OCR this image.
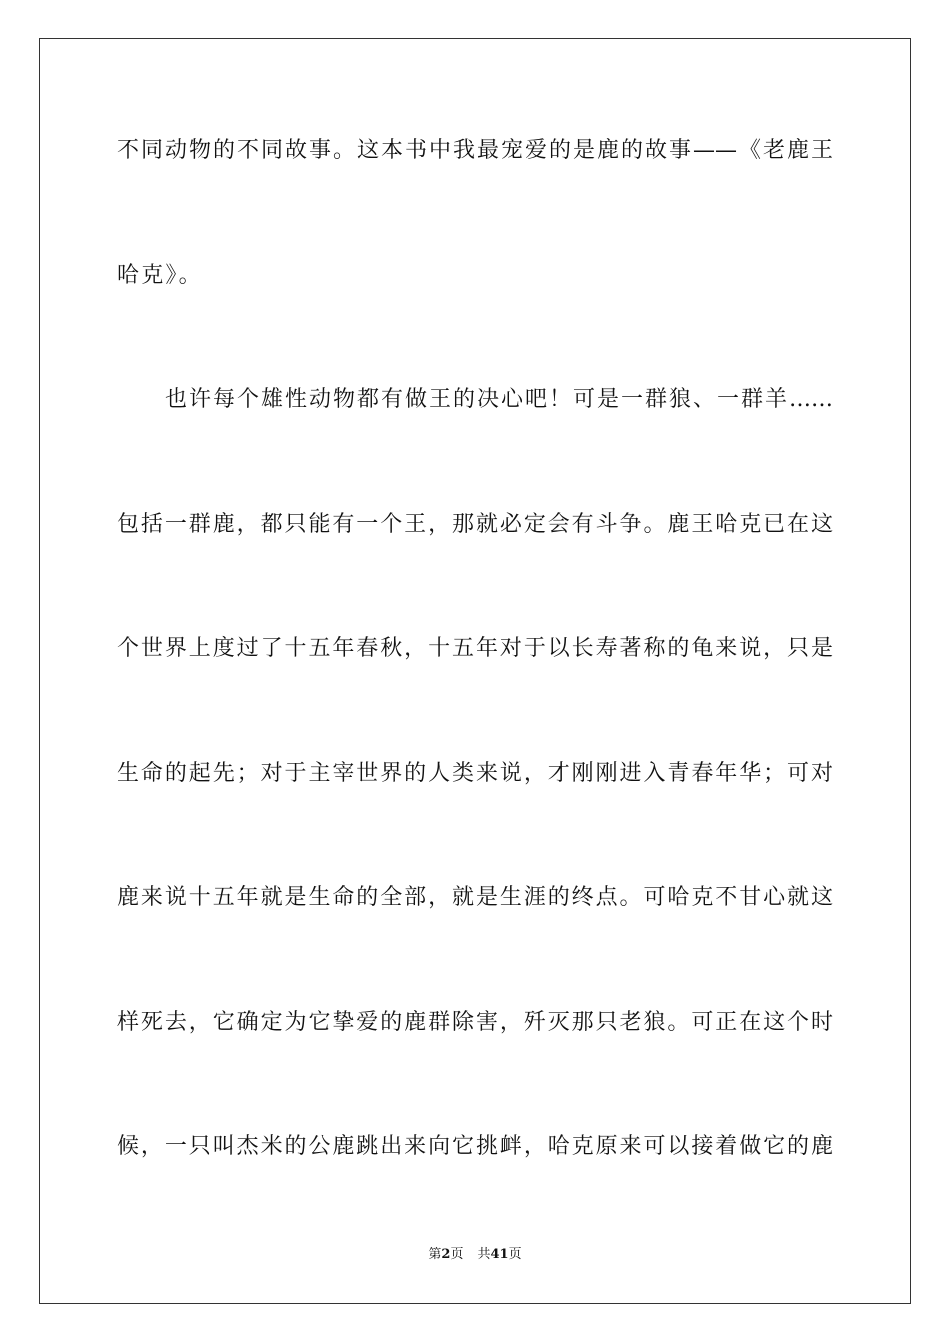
不同动物的不同故事。这本书中我最宠爱的是鹿的故事——《老鹿王
哈克》。
也许每个雄性动物都有做王的决心吧！可是一群狼、一群羊……
包括一群鹿，都只能有一个王，那就必定会有斗争。鹿王哈克已在这
个世界上度过了十五年春秋，十五年对于以长寿著称的龟来说，只是
生命的起先；对于主宰世界的人类来说，才刚刚进入青春年华；可对
鹿来说十五年就是生命的全部，就是生涯的终点。可哈克不甘心就这
样死去，它确定为它挚爱的鹿群除害，歼灭那只老狼。可正在这个时
候，一只叫杰米的公鹿跳出来向它挑衅，哈克原来可以接着做它的鹿
第2页 共41页
